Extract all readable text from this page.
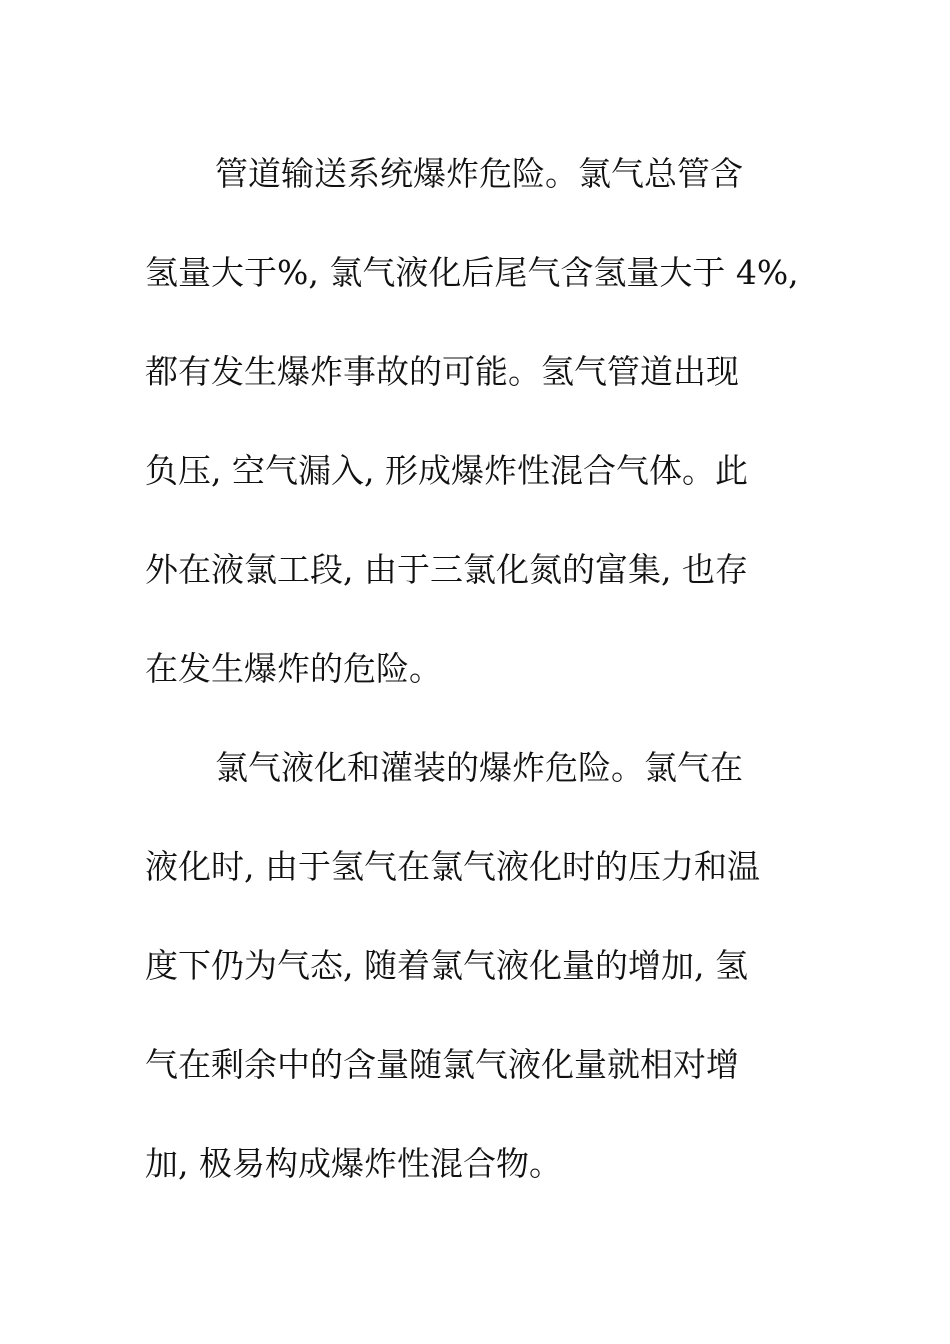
管道输送系统爆炸危险。氯气总管含
氢量大于%, 氯气液化后尾气含氢量大于 4%,
都有发生爆炸事故的可能。氢气管道出现
负压, 空气漏入, 形成爆炸性混合气体。此
外在液氯工段, 由于三氯化氮的富集, 也存
在发生爆炸的危险。
氯气液化和灌装的爆炸危险。氯气在
液化时, 由于氢气在氯气液化时的压力和温
度下仍为气态, 随着氯气液化量的增加, 氢
气在剩余中的含量随氯气液化量就相对增
加, 极易构成爆炸性混合物。
